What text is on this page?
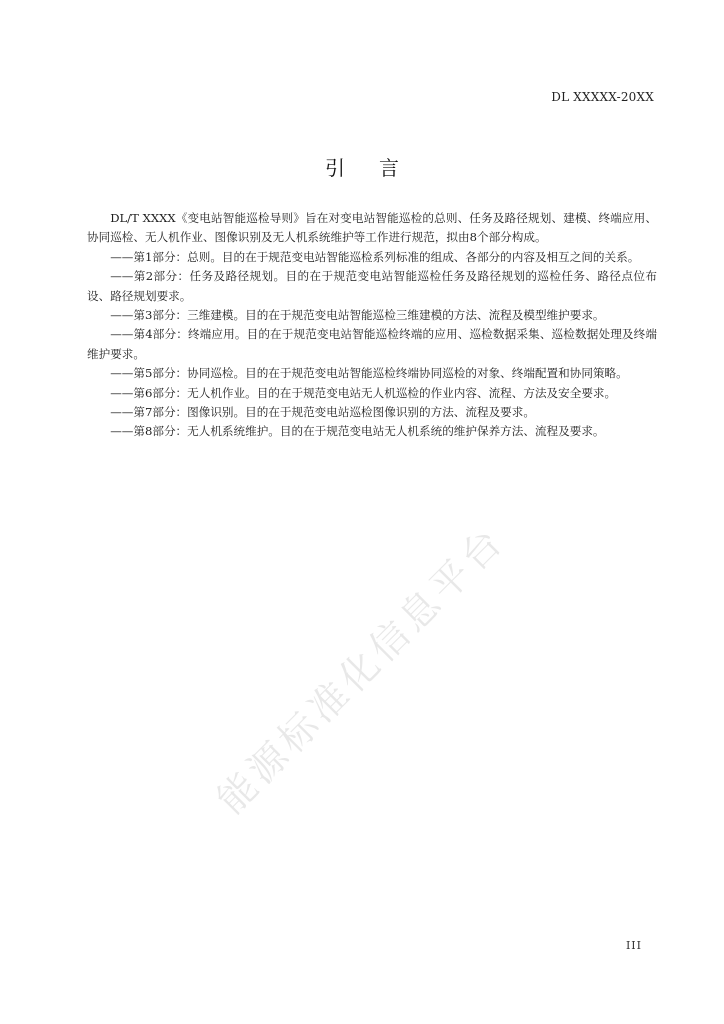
DL XXXXX-20XX
引言

DL/T XXXX《变电站智能巡检导则》旨在对变电站智能巡检的总则、任务及路径规划、建模、终端应用、协同巡检、无人机作业、图像识别及无人机系统维护等工作进行规范，拟由8个部分构成。

——第1部分：总则。目的在于规范变电站智能巡检系列标准的组成、各部分的内容及相互之间的关系。

——第2部分：任务及路径规划。目的在于规范变电站智能巡检任务及路径规划的巡检任务、路径点位布设、路径规划要求。

——第3部分：三维建模。目的在于规范变电站智能巡检三维建模的方法、流程及模型维护要求。

——第4部分：终端应用。目的在于规范变电站智能巡检终端的应用、巡检数据采集、巡检数据处理及终端维护要求。

——第5部分：协同巡检。目的在于规范变电站智能巡检终端协同巡检的对象、终端配置和协同策略。

——第6部分：无人机作业。目的在于规范变电站无人机巡检的作业内容、流程、方法及安全要求。

——第7部分：图像识别。目的在于规范变电站巡检图像识别的方法、流程及要求。

——第8部分：无人机系统维护。目的在于规范变电站无人机系统的维护保养方法、流程及要求。

能源标准化信息平台
III
